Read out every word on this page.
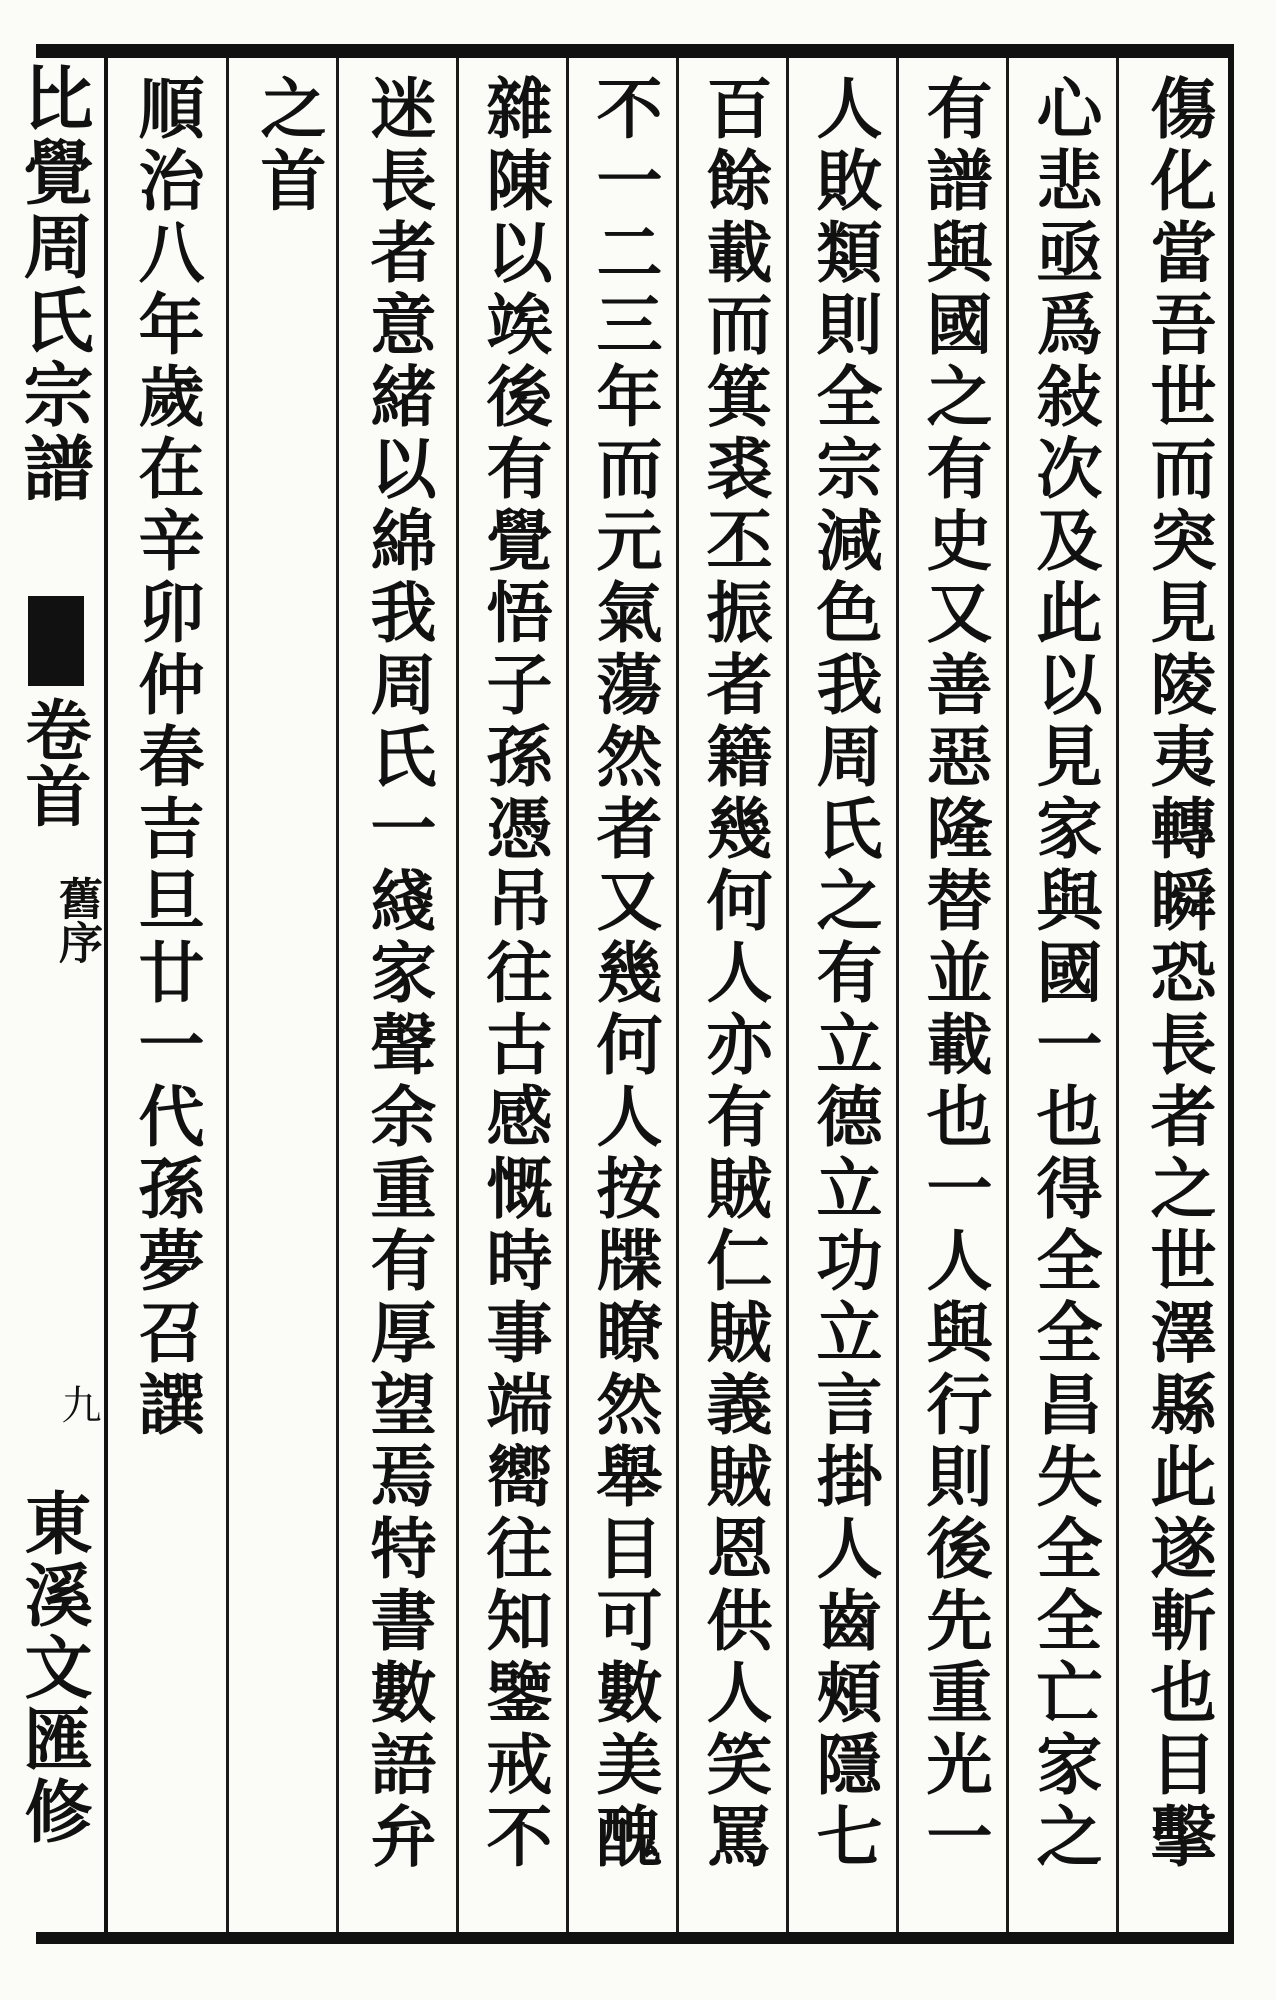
比覺周氏宗譜
卷首
舊序
九
東溪文匯修	傷化當吾世而突見陵夷轉瞬恐長者之世澤縣此遂斬也目擊
心悲亟爲敍次及此以見家與國一也得全全昌失全全亡家之
有譜與國之有史又善惡隆替並載也一人與行則後先重光一
人敗類則全宗減色我周氏之有立德立功立言掛人齒頰隱七
百餘載而箕裘丕振者籍幾何人亦有賊仁賊義賊恩供人笑罵
不一二三年而元氣蕩然者又幾何人按牒瞭然舉目可數美醜
雜陳以竢後有覺悟子孫憑吊往古感慨時事端嚮往知鑒戒不
迷長者意緒以綿我周氏一綫家聲余重有厚望焉特書數語弁
之首
順治八年歲在辛卯仲春吉旦廿一代孫夢召譔
